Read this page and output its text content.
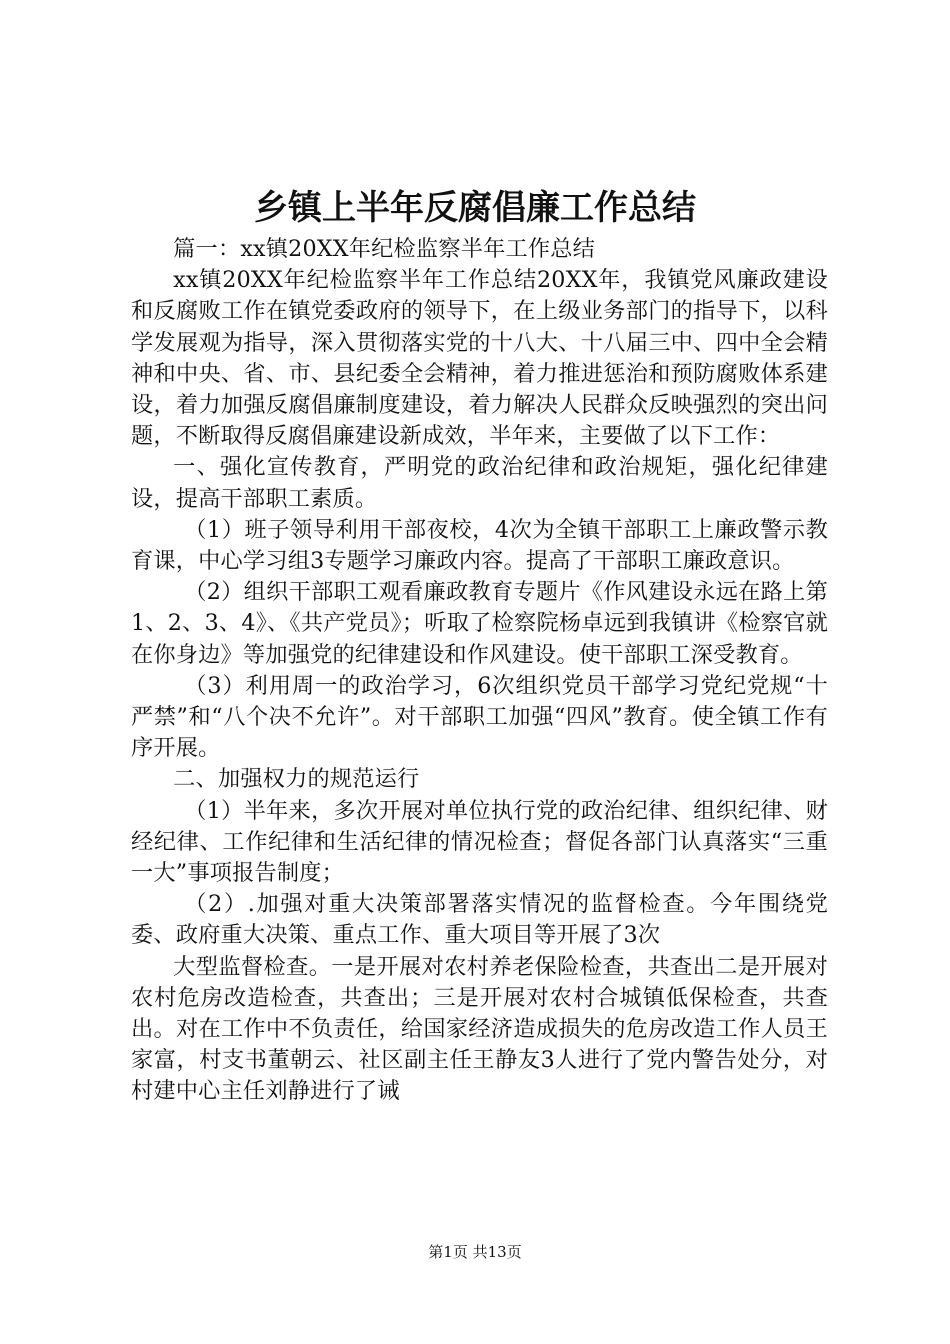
乡镇上半年反腐倡廉工作总结

篇一：xx镇20XX年纪检监察半年工作总结

xx镇20XX年纪检监察半年工作总结20XX年，我镇党风廉政建设和反腐败工作在镇党委政府的领导下，在上级业务部门的指导下，以科学发展观为指导，深入贯彻落实党的十八大、十八届三中、四中全会精神和中央、省、市、县纪委全会精神，着力推进惩治和预防腐败体系建设，着力加强反腐倡廉制度建设，着力解决人民群众反映强烈的突出问题，不断取得反腐倡廉建设新成效，半年来，主要做了以下工作：

一、强化宣传教育，严明党的政治纪律和政治规矩，强化纪律建设，提高干部职工素质。

（1）班子领导利用干部夜校，4次为全镇干部职工上廉政警示教育课，中心学习组3专题学习廉政内容。提高了干部职工廉政意识。

（2）组织干部职工观看廉政教育专题片《作风建设永远在路上第1、2、3、4》、《共产党员》；听取了检察院杨卓远到我镇讲《检察官就在你身边》等加强党的纪律建设和作风建设。使干部职工深受教育。

（3）利用周一的政治学习，6次组织党员干部学习党纪党规“十严禁”和“八个决不允许”。对干部职工加强“四风”教育。使全镇工作有序开展。

二、加强权力的规范运行

（1）半年来，多次开展对单位执行党的政治纪律、组织纪律、财经纪律、工作纪律和生活纪律的情况检查；督促各部门认真落实“三重一大”事项报告制度；

（2）.加强对重大决策部署落实情况的监督检查。今年围绕党委、政府重大决策、重点工作、重大项目等开展了3次

大型监督检查。一是开展对农村养老保险检查，共查出二是开展对农村危房改造检查，共查出；三是开展对农村合城镇低保检查，共查出。对在工作中不负责任，给国家经济造成损失的危房改造工作人员王家富，村支书董朝云、社区副主任王静友3人进行了党内警告处分，对村建中心主任刘静进行了诫

第1页 共13页
